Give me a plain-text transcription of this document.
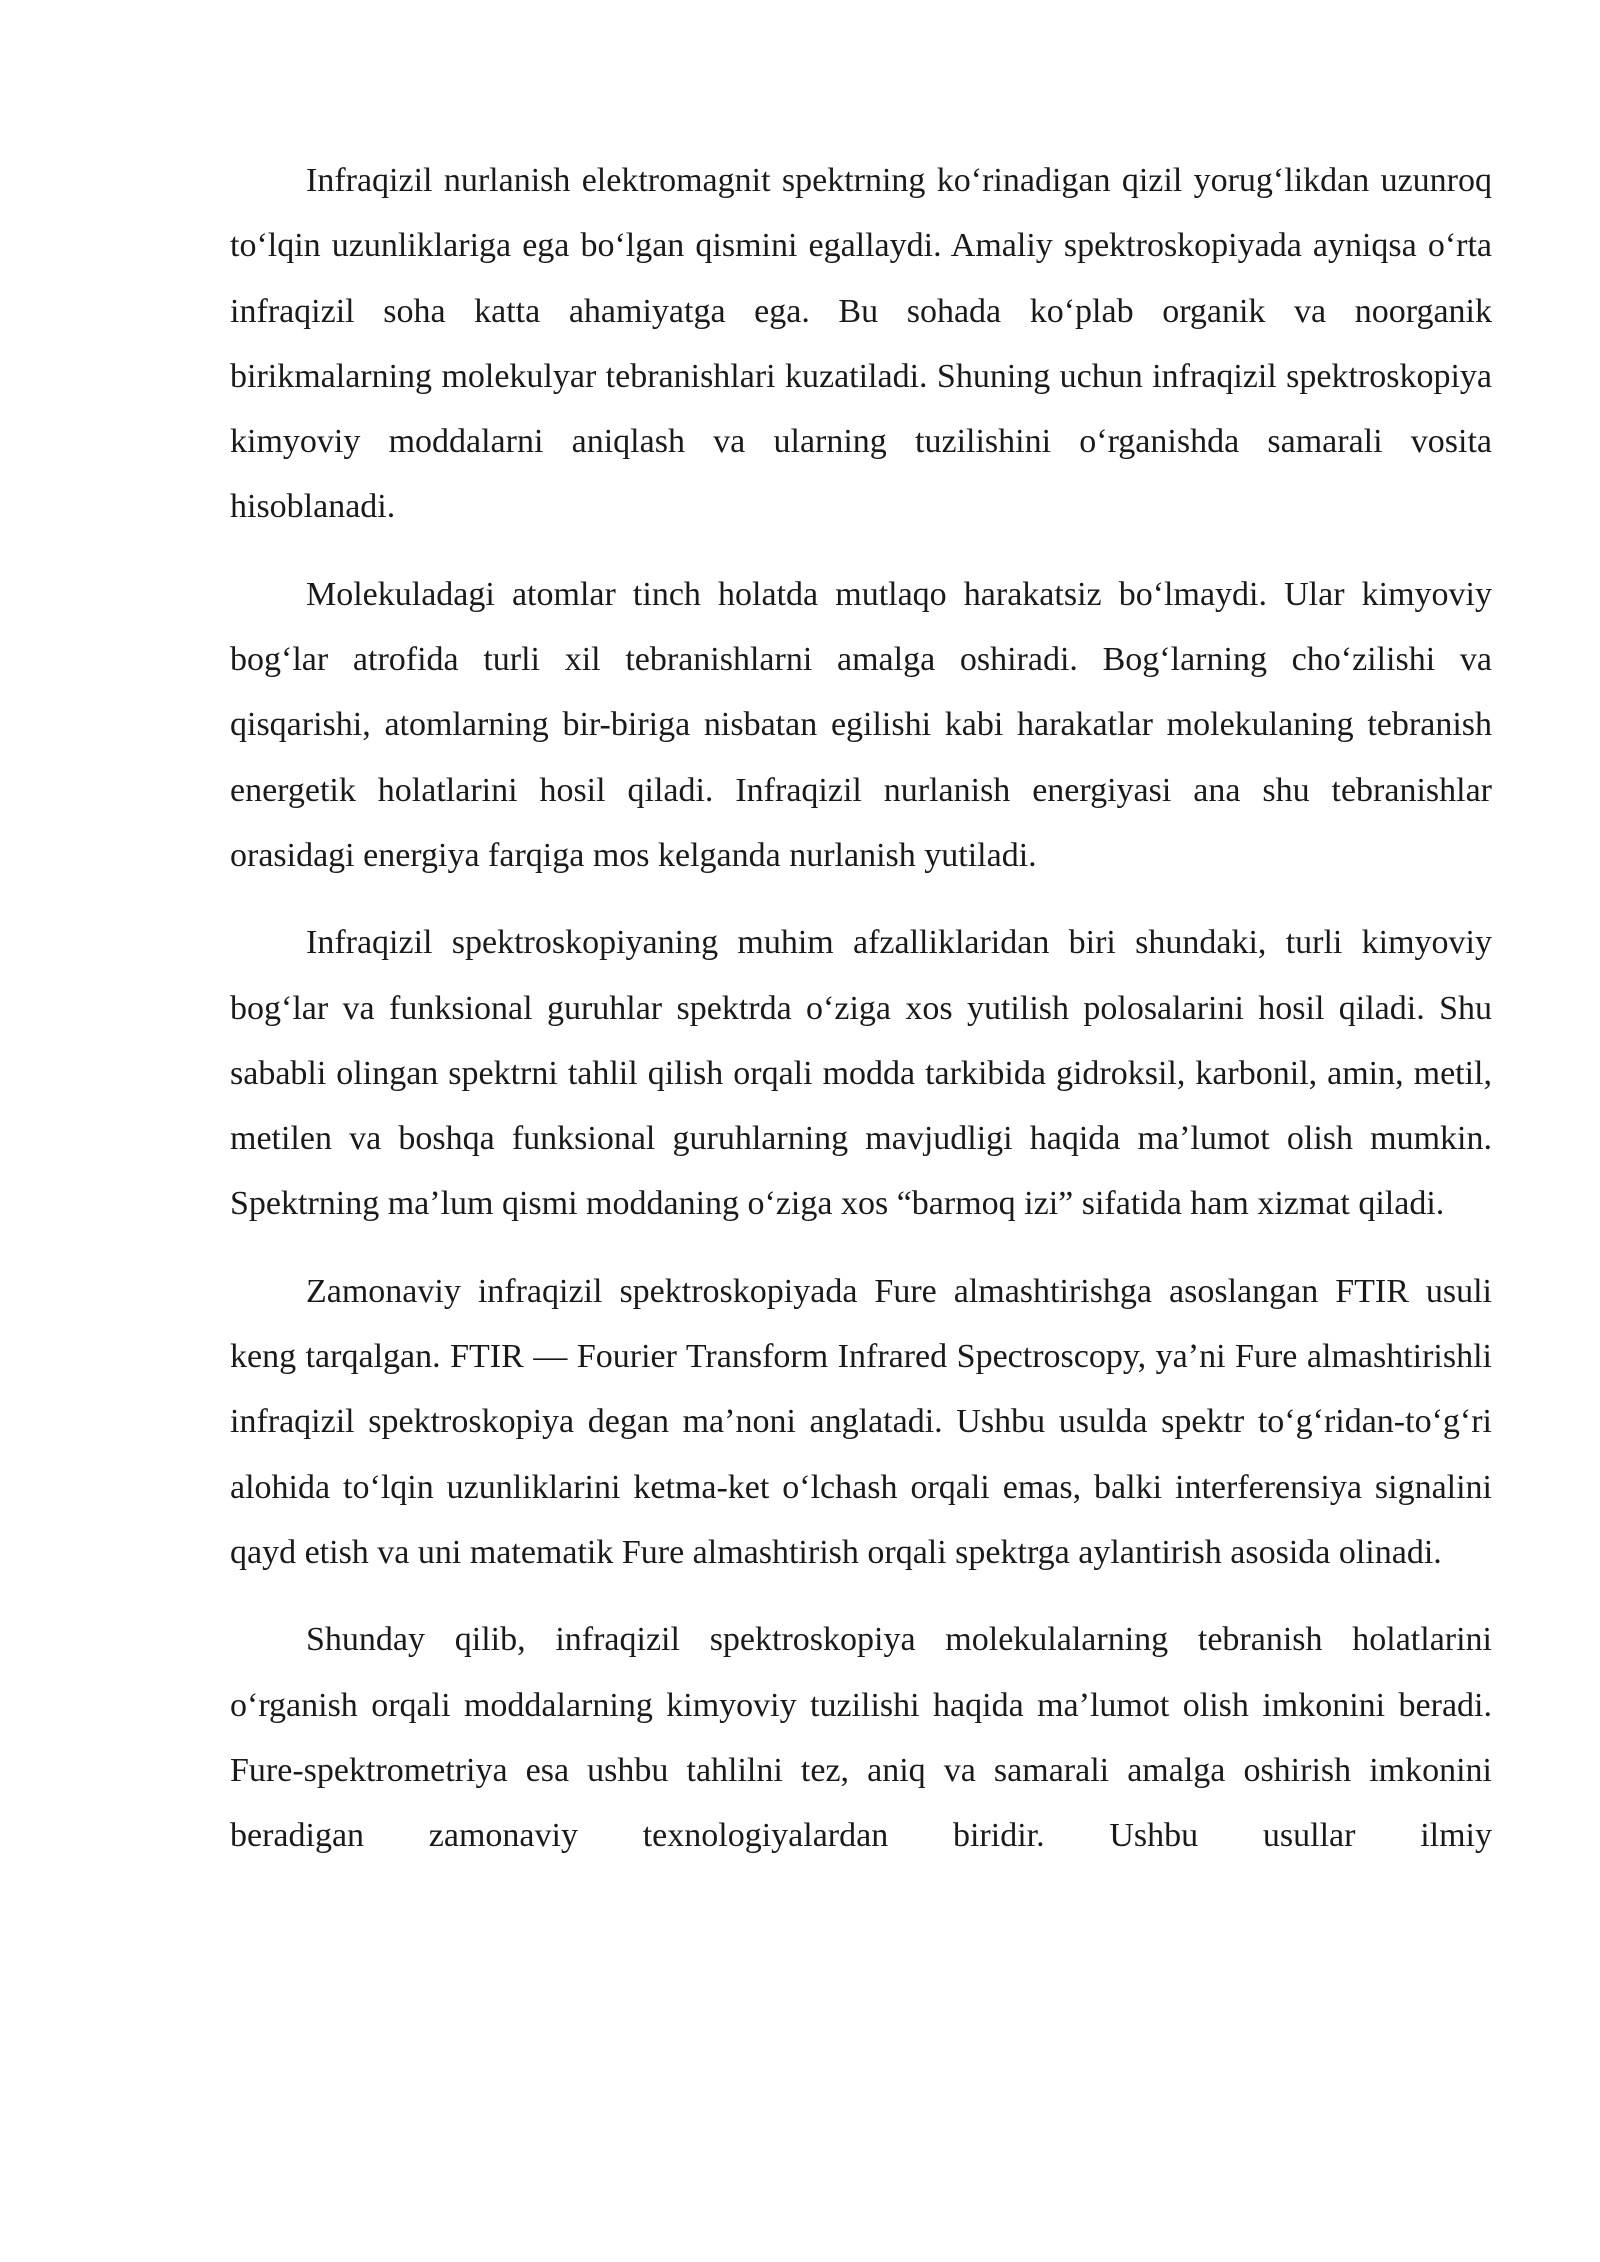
Infraqizil nurlanish elektromagnit spektrning koʻrinadigan qizil yorugʻlikdan uzunroq toʻlqin uzunliklariga ega boʻlgan qismini egallaydi. Amaliy spektroskopiyada ayniqsa oʻrta infraqizil soha katta ahamiyatga ega. Bu sohada koʻplab organik va noorganik birikmalarning molekulyar tebranishlari kuzatiladi. Shuning uchun infraqizil spektroskopiya kimyoviy moddalarni aniqlash va ularning tuzilishini oʻrganishda samarali vosita hisoblanadi.

Molekuladagi atomlar tinch holatda mutlaqo harakatsiz boʻlmaydi. Ular kimyoviy bogʻlar atrofida turli xil tebranishlarni amalga oshiradi. Bogʻlarning choʻzilishi va qisqarishi, atomlarning bir-biriga nisbatan egilishi kabi harakatlar molekulaning tebranish energetik holatlarini hosil qiladi. Infraqizil nurlanish energiyasi ana shu tebranishlar orasidagi energiya farqiga mos kelganda nurlanish yutiladi.

Infraqizil spektroskopiyaning muhim afzalliklaridan biri shundaki, turli kimyoviy bogʻlar va funksional guruhlar spektrda oʻziga xos yutilish polosalarini hosil qiladi. Shu sababli olingan spektrni tahlil qilish orqali modda tarkibida gidroksil, karbonil, amin, metil, metilen va boshqa funksional guruhlarning mavjudligi haqida maʼlumot olish mumkin. Spektrning maʼlum qismi moddaning oʻziga xos “barmoq izi” sifatida ham xizmat qiladi.

Zamonaviy infraqizil spektroskopiyada Fure almashtirishga asoslangan FTIR usuli keng tarqalgan. FTIR — Fourier Transform Infrared Spectroscopy, yaʼni Fure almashtirishli infraqizil spektroskopiya degan maʼnoni anglatadi. Ushbu usulda spektr toʻgʻridan-toʻgʻri alohida toʻlqin uzunliklarini ketma-ket oʻlchash orqali emas, balki interferensiya signalini qayd etish va uni matematik Fure almashtirish orqali spektrga aylantirish asosida olinadi.

Shunday qilib, infraqizil spektroskopiya molekulalarning tebranish holatlarini oʻrganish orqali moddalarning kimyoviy tuzilishi haqida maʼlumot olish imkonini beradi. Fure-spektrometriya esa ushbu tahlilni tez, aniq va samarali amalga oshirish imkonini beradigan zamonaviy texnologiyalardan biridir. Ushbu usullar ilmiy
